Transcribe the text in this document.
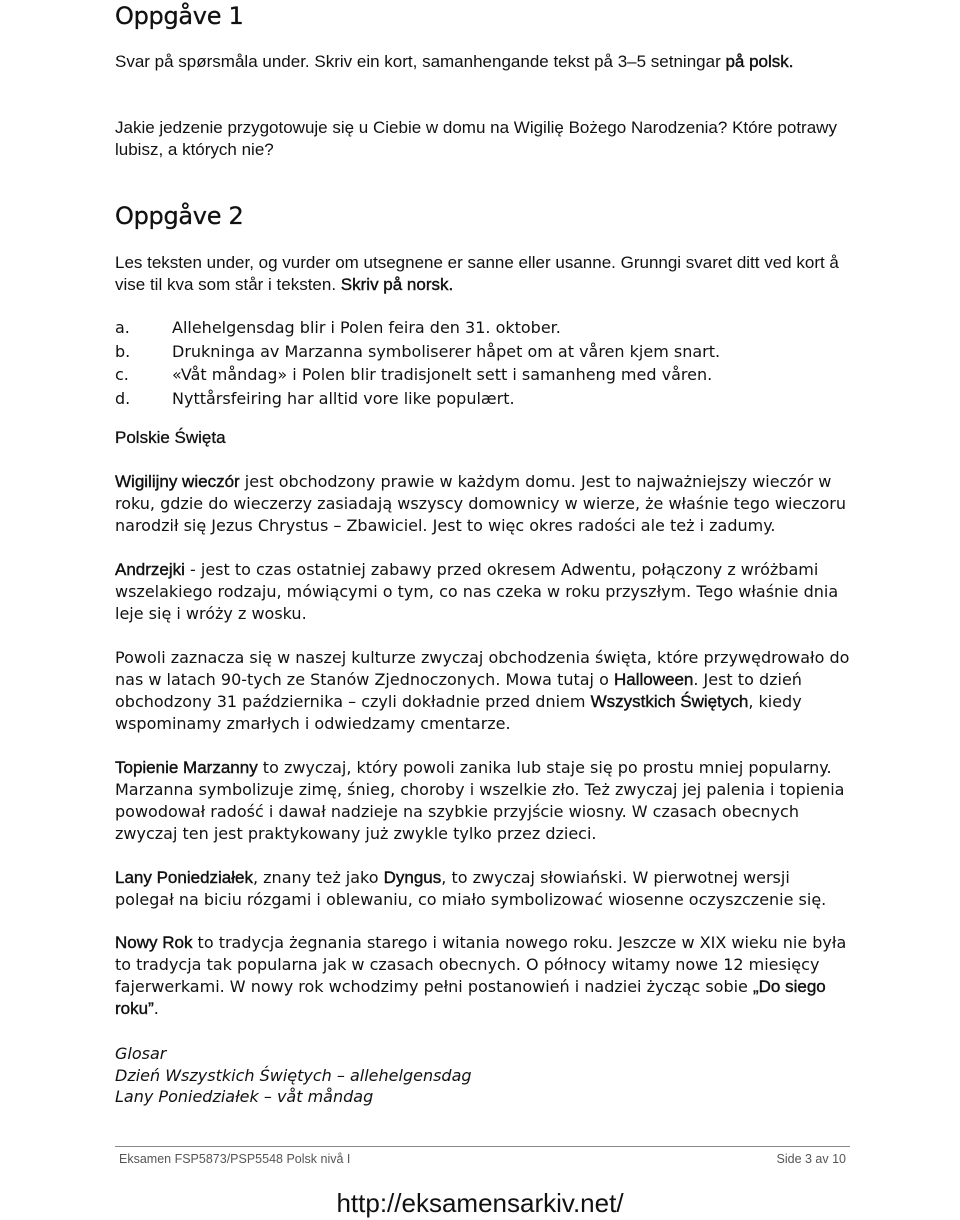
Oppgåve 1

Svar på spørsmåla under. Skriv ein kort, samanhengande tekst på 3–5 setningar på polsk.

Jakie jedzenie przygotowuje się u Ciebie w domu na Wigilię Bożego Narodzenia? Które potrawy lubisz, a których nie?

Oppgåve 2

Les teksten under, og vurder om utsegnene er sanne eller usanne. Grunngi svaret ditt ved kort å vise til kva som står i teksten. Skriv på norsk.

a.	Allehelgensdag blir i Polen feira den 31. oktober.
b.	Drukninga av Marzanna symboliserer håpet om at våren kjem snart.
c.	«Våt måndag» i Polen blir tradisjonelt sett i samanheng med våren.
d.	Nyttårsfeiring har alltid vore like populært.
Polskie Święta

Wigilijny wieczór jest obchodzony prawie w każdym domu. Jest to najważniejszy wieczór w roku, gdzie do wieczerzy zasiadają wszyscy domownicy w wierze, że właśnie tego wieczoru narodził się Jezus Chrystus – Zbawiciel. Jest to więc okres radości ale też i zadumy.

Andrzejki - jest to czas ostatniej zabawy przed okresem Adwentu, połączony z wróżbami wszelakiego rodzaju, mówiącymi o tym, co nas czeka w roku przyszłym. Tego właśnie dnia leje się i wróży z wosku.

Powoli zaznacza się w naszej kulturze zwyczaj obchodzenia święta, które przywędrowało do nas w latach 90-tych ze Stanów Zjednoczonych. Mowa tutaj o Halloween. Jest to dzień obchodzony 31 października – czyli dokładnie przed dniem Wszystkich Świętych, kiedy wspominamy zmarłych i odwiedzamy cmentarze.

Topienie Marzanny to zwyczaj, który powoli zanika lub staje się po prostu mniej popularny. Marzanna symbolizuje zimę, śnieg, choroby i wszelkie zło. Też zwyczaj jej palenia i topienia powodował radość i dawał nadzieje na szybkie przyjście wiosny. W czasach obecnych zwyczaj ten jest praktykowany już zwykle tylko przez dzieci.

Lany Poniedziałek, znany też jako Dyngus, to zwyczaj słowiański. W pierwotnej wersji polegał na biciu rózgami i oblewaniu, co miało symbolizować wiosenne oczyszczenie się.

Nowy Rok to tradycja żegnania starego i witania nowego roku. Jeszcze w XIX wieku nie była to tradycja tak popularna jak w czasach obecnych. O północy witamy nowe 12 miesięcy fajerwerkami. W nowy rok wchodzimy pełni postanowień i nadziei życząc sobie „Do siego roku”.

Glosar

Dzień Wszystkich Świętych – allehelgensdag

Lany Poniedziałek – våt måndag

Eksamen FSP5873/PSP5548 Polsk nivå I	Side 3 av 10
http://eksamensarkiv.net/
